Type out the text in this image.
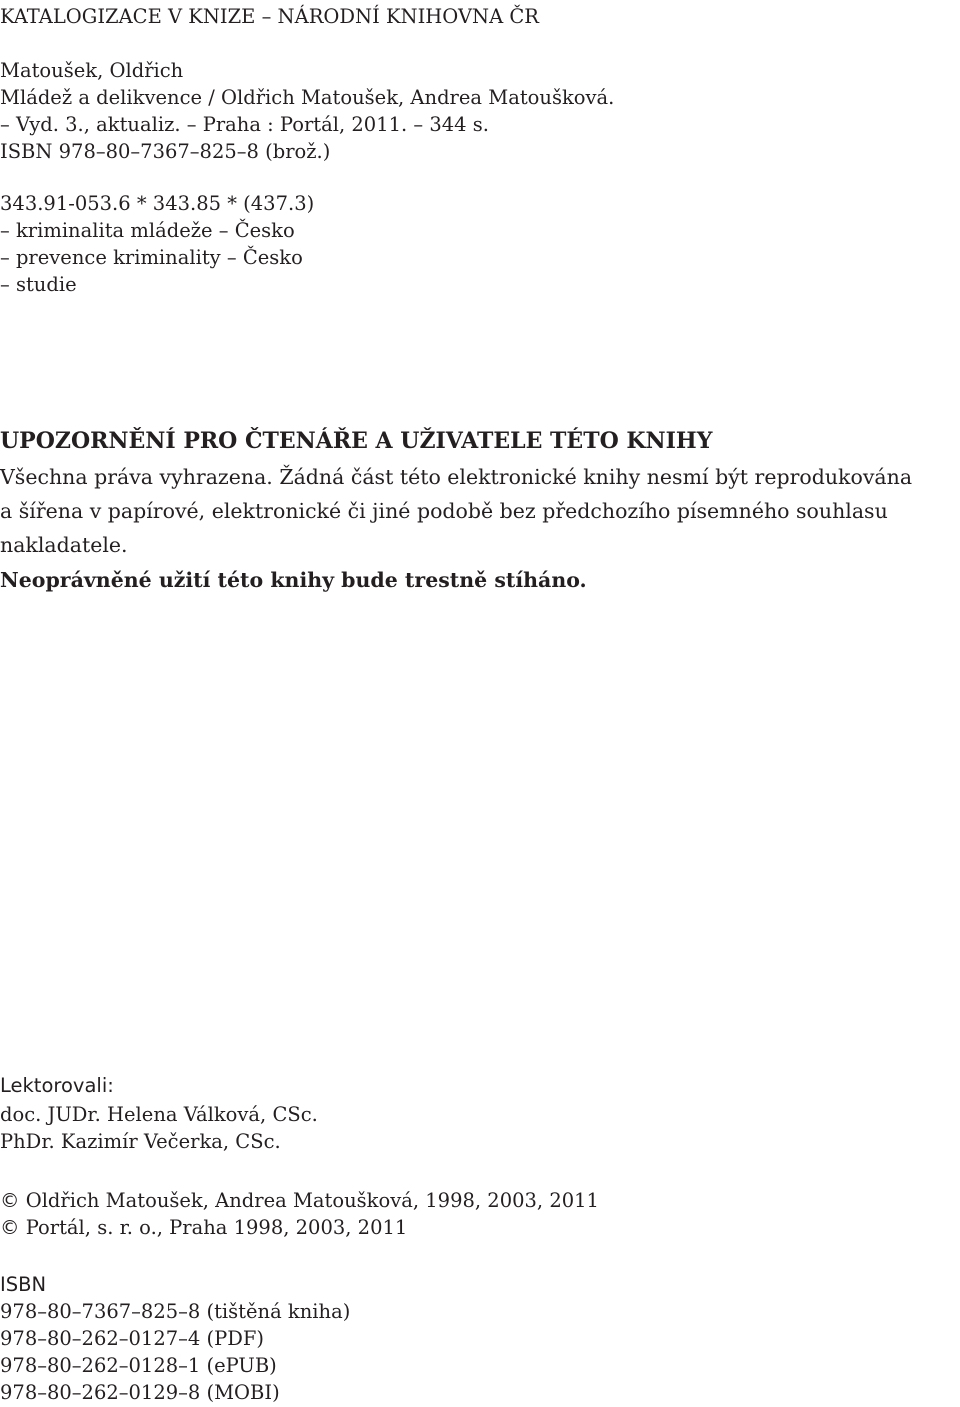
KATALOGIZACE V KNIZE – NÁRODNÍ KNIHOVNA ČR

Matoušek, Oldřich

Mládež a delikvence / Oldřich Matoušek, Andrea Matoušková.

– Vyd. 3., aktualiz. – Praha : Portál, 2011. – 344 s.

ISBN 978–80–7367–825–8 (brož.)

343.91-053.6 * 343.85 * (437.3)

– kriminalita mládeže – Česko

– prevence kriminality – Česko

– studie

UPOZORNĚNÍ PRO ČTENÁŘE A UŽIVATELE TÉTO KNIHY

Všechna práva vyhrazena. Žádná část této elektronické knihy nesmí být reprodukována

a šířena v papírové, elektronické či jiné podobě bez předchozího písemného souhlasu

nakladatele.

Neoprávněné užití této knihy bude trestně stíháno.

Lektorovali:

doc. JUDr. Helena Válková, CSc.

PhDr. Kazimír Večerka, CSc.

© Oldřich Matoušek, Andrea Matoušková, 1998, 2003, 2011

© Portál, s. r. o., Praha 1998, 2003, 2011

ISBN

978–80–7367–825–8 (tištěná kniha)

978–80–262–0127–4 (PDF)

978–80–262–0128–1 (ePUB)

978–80–262–0129–8 (MOBI)
